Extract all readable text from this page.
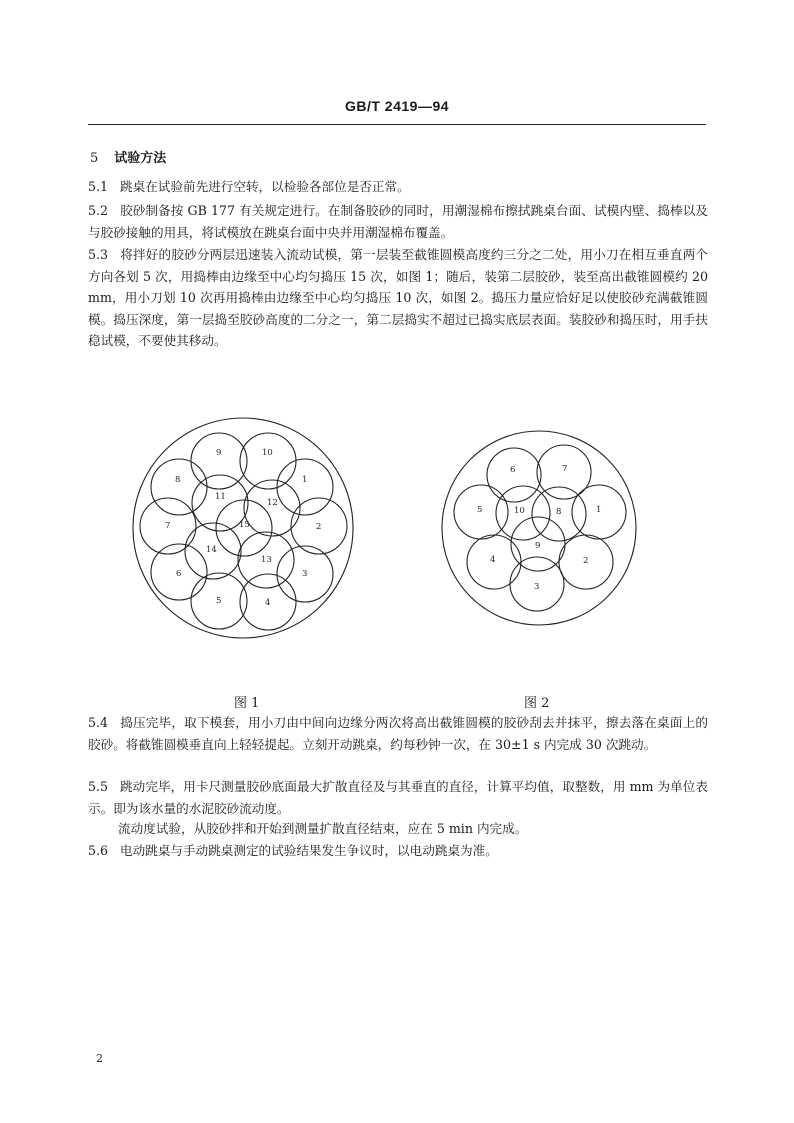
GB/T 2419—94
5 试验方法
5.1 跳桌在试验前先进行空转，以检验各部位是否正常。
5.2 胶砂制备按 GB 177 有关规定进行。在制备胶砂的同时，用潮湿棉布擦拭跳桌台面、试模内壁、捣棒以及与胶砂接触的用具，将试模放在跳桌台面中央并用潮湿棉布覆盖。
5.3 将拌好的胶砂分两层迅速装入流动试模，第一层装至截锥圆模高度约三分之二处，用小刀在相互垂直两个方向各划 5 次，用捣棒由边缘至中心均匀捣压 15 次，如图 1；随后，装第二层胶砂，装至高出截锥圆模约 20 mm，用小刀划 10 次再用捣棒由边缘至中心均匀捣压 10 次，如图 2。捣压力量应恰好足以使胶砂充满截锥圆模。捣压深度，第一层捣至胶砂高度的二分之一，第二层捣实不超过已捣实底层表面。装胶砂和捣压时，用手扶稳试模，不要使其移动。
9	10
8	1
11
12
7	2
15
14
13
6	3
5	4
6	7
5	10	8	1
9
4	2
3
图 1	图 2
5.4 捣压完毕，取下模套，用小刀由中间向边缘分两次将高出截锥圆模的胶砂刮去并抹平，擦去落在桌面上的胶砂。将截锥圆模垂直向上轻轻提起。立刻开动跳桌，约每秒钟一次，在 30±1 s 内完成 30 次跳动。
5.5 跳动完毕，用卡尺测量胶砂底面最大扩散直径及与其垂直的直径，计算平均值，取整数，用 mm 为单位表示。即为该水量的水泥胶砂流动度。
流动度试验，从胶砂拌和开始到测量扩散直径结束，应在 5 min 内完成。
5.6 电动跳桌与手动跳桌测定的试验结果发生争议时，以电动跳桌为准。
2
